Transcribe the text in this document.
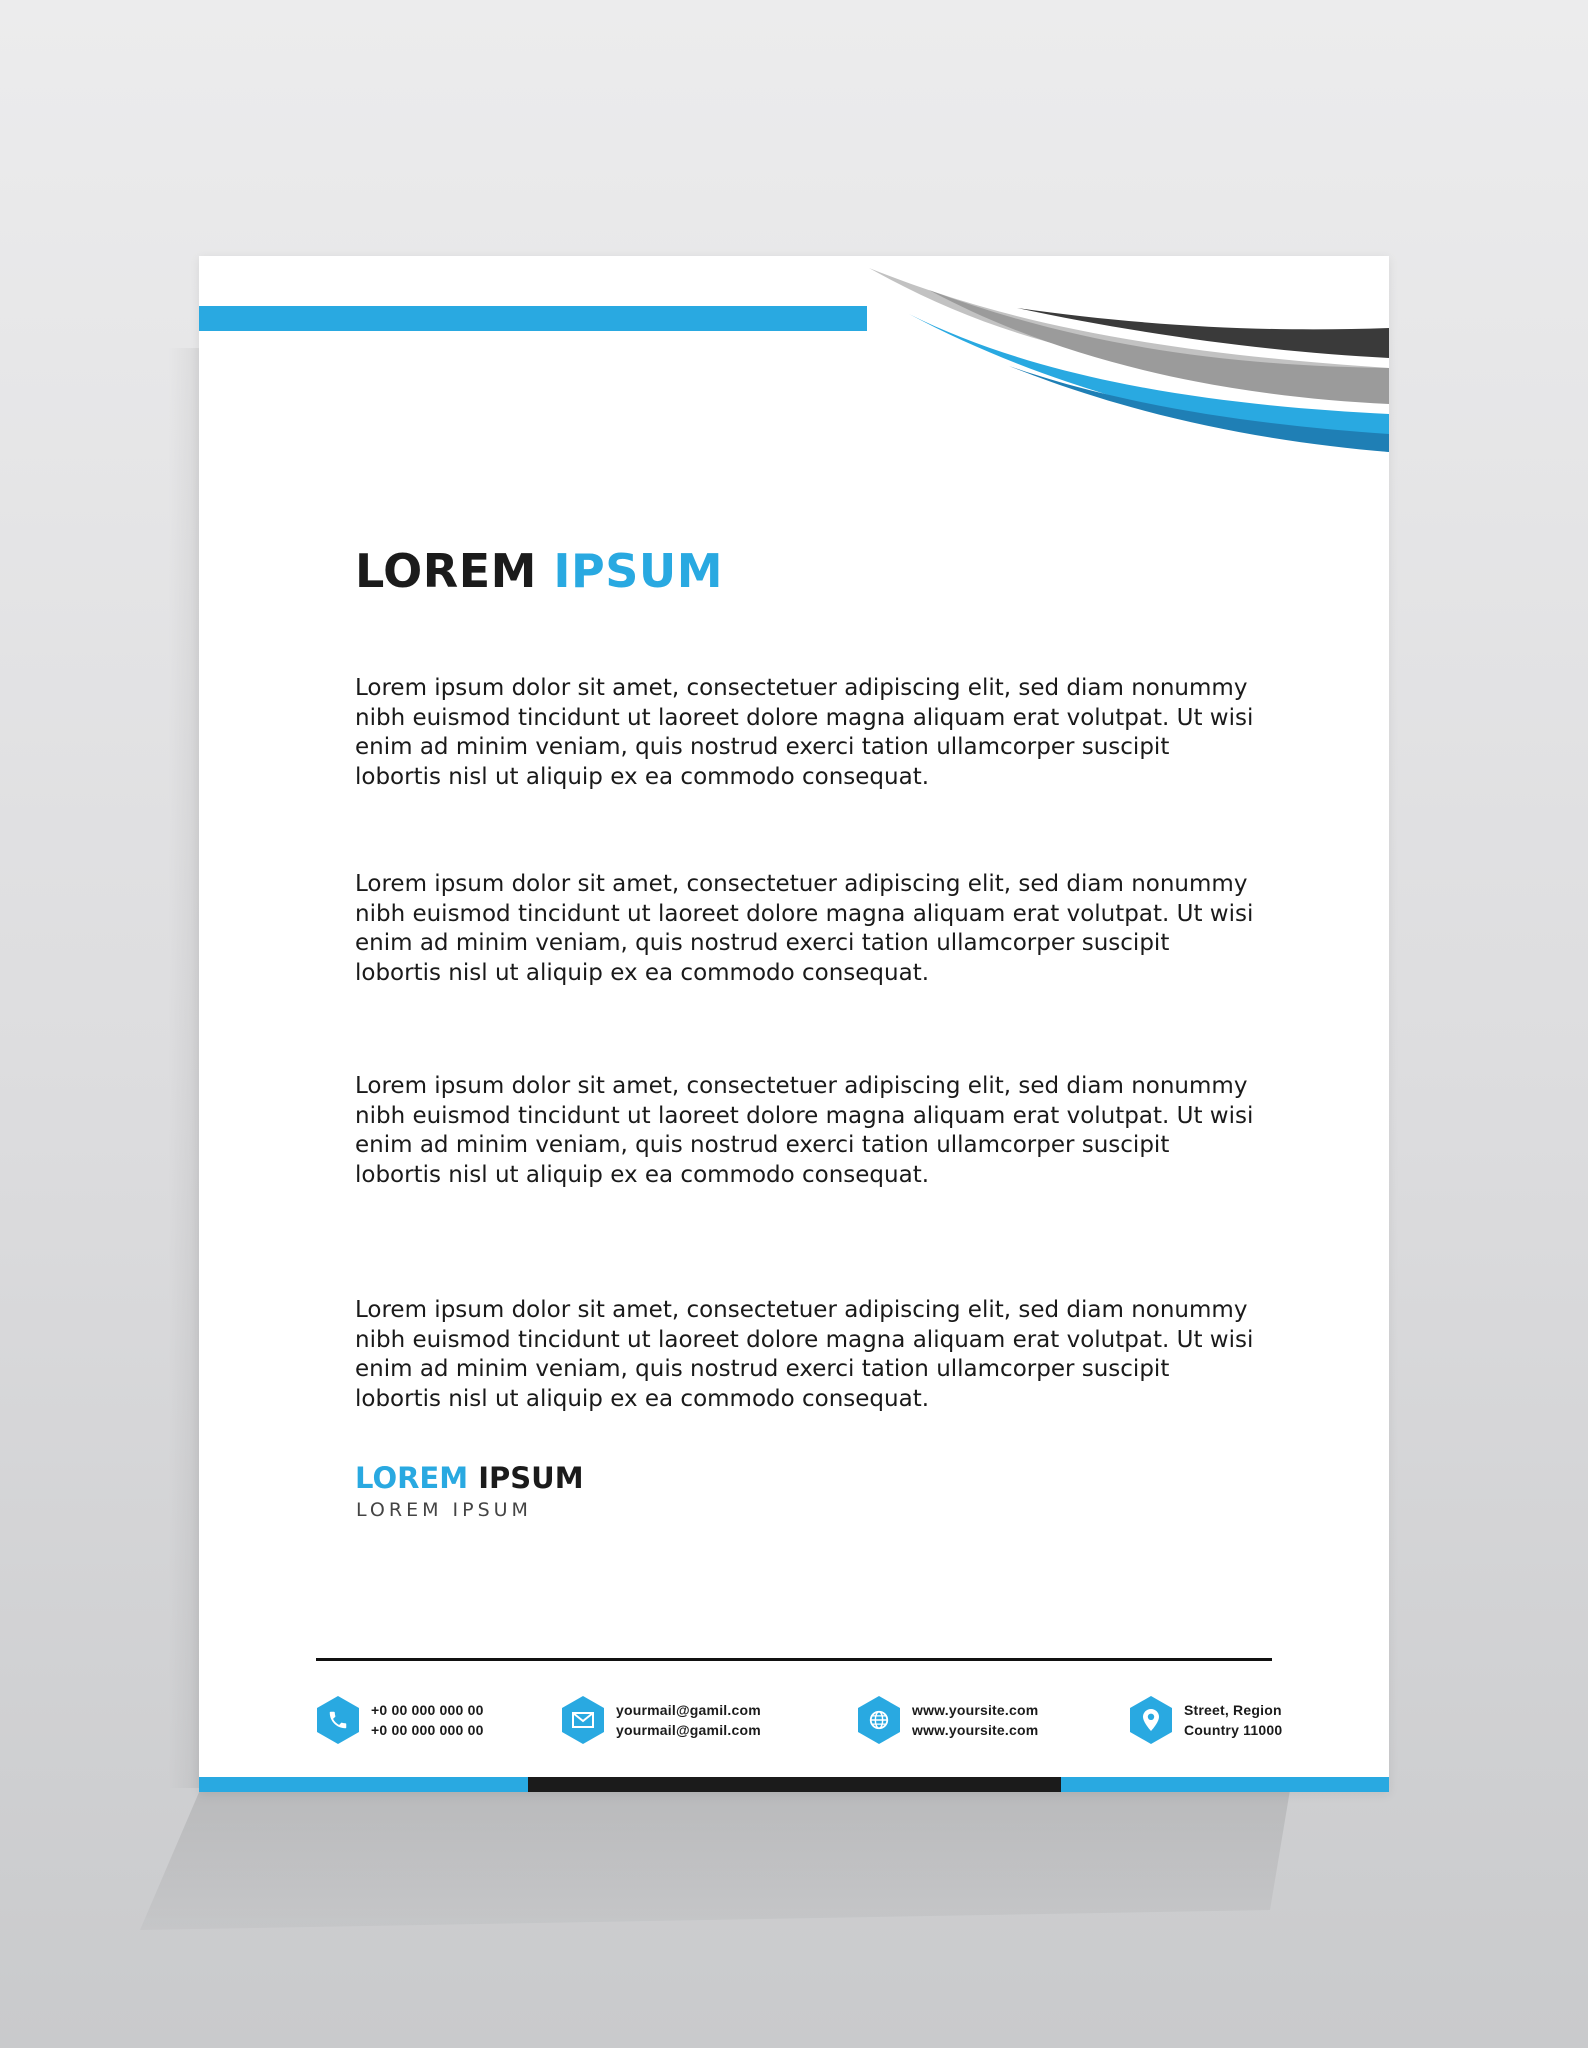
LOREM IPSUM

Lorem ipsum dolor sit amet, consectetuer adipiscing elit, sed diam nonummy nibh euismod tincidunt ut laoreet dolore magna aliquam erat volutpat. Ut wisi enim ad minim veniam, quis nostrud exerci tation ullamcorper suscipit lobortis nisl ut aliquip ex ea commodo consequat.

Lorem ipsum dolor sit amet, consectetuer adipiscing elit, sed diam nonummy nibh euismod tincidunt ut laoreet dolore magna aliquam erat volutpat. Ut wisi enim ad minim veniam, quis nostrud exerci tation ullamcorper suscipit lobortis nisl ut aliquip ex ea commodo consequat.

Lorem ipsum dolor sit amet, consectetuer adipiscing elit, sed diam nonummy nibh euismod tincidunt ut laoreet dolore magna aliquam erat volutpat. Ut wisi enim ad minim veniam, quis nostrud exerci tation ullamcorper suscipit lobortis nisl ut aliquip ex ea commodo consequat.

Lorem ipsum dolor sit amet, consectetuer adipiscing elit, sed diam nonummy nibh euismod tincidunt ut laoreet dolore magna aliquam erat volutpat. Ut wisi enim ad minim veniam, quis nostrud exerci tation ullamcorper suscipit lobortis nisl ut aliquip ex ea commodo consequat.

LOREM IPSUM

LOREM IPSUM

+0 00 000 000 00
+0 00 000 000 00
yourmail@gamil.com
yourmail@gamil.com
www.yoursite.com
www.yoursite.com
Street, Region
Country 11000
